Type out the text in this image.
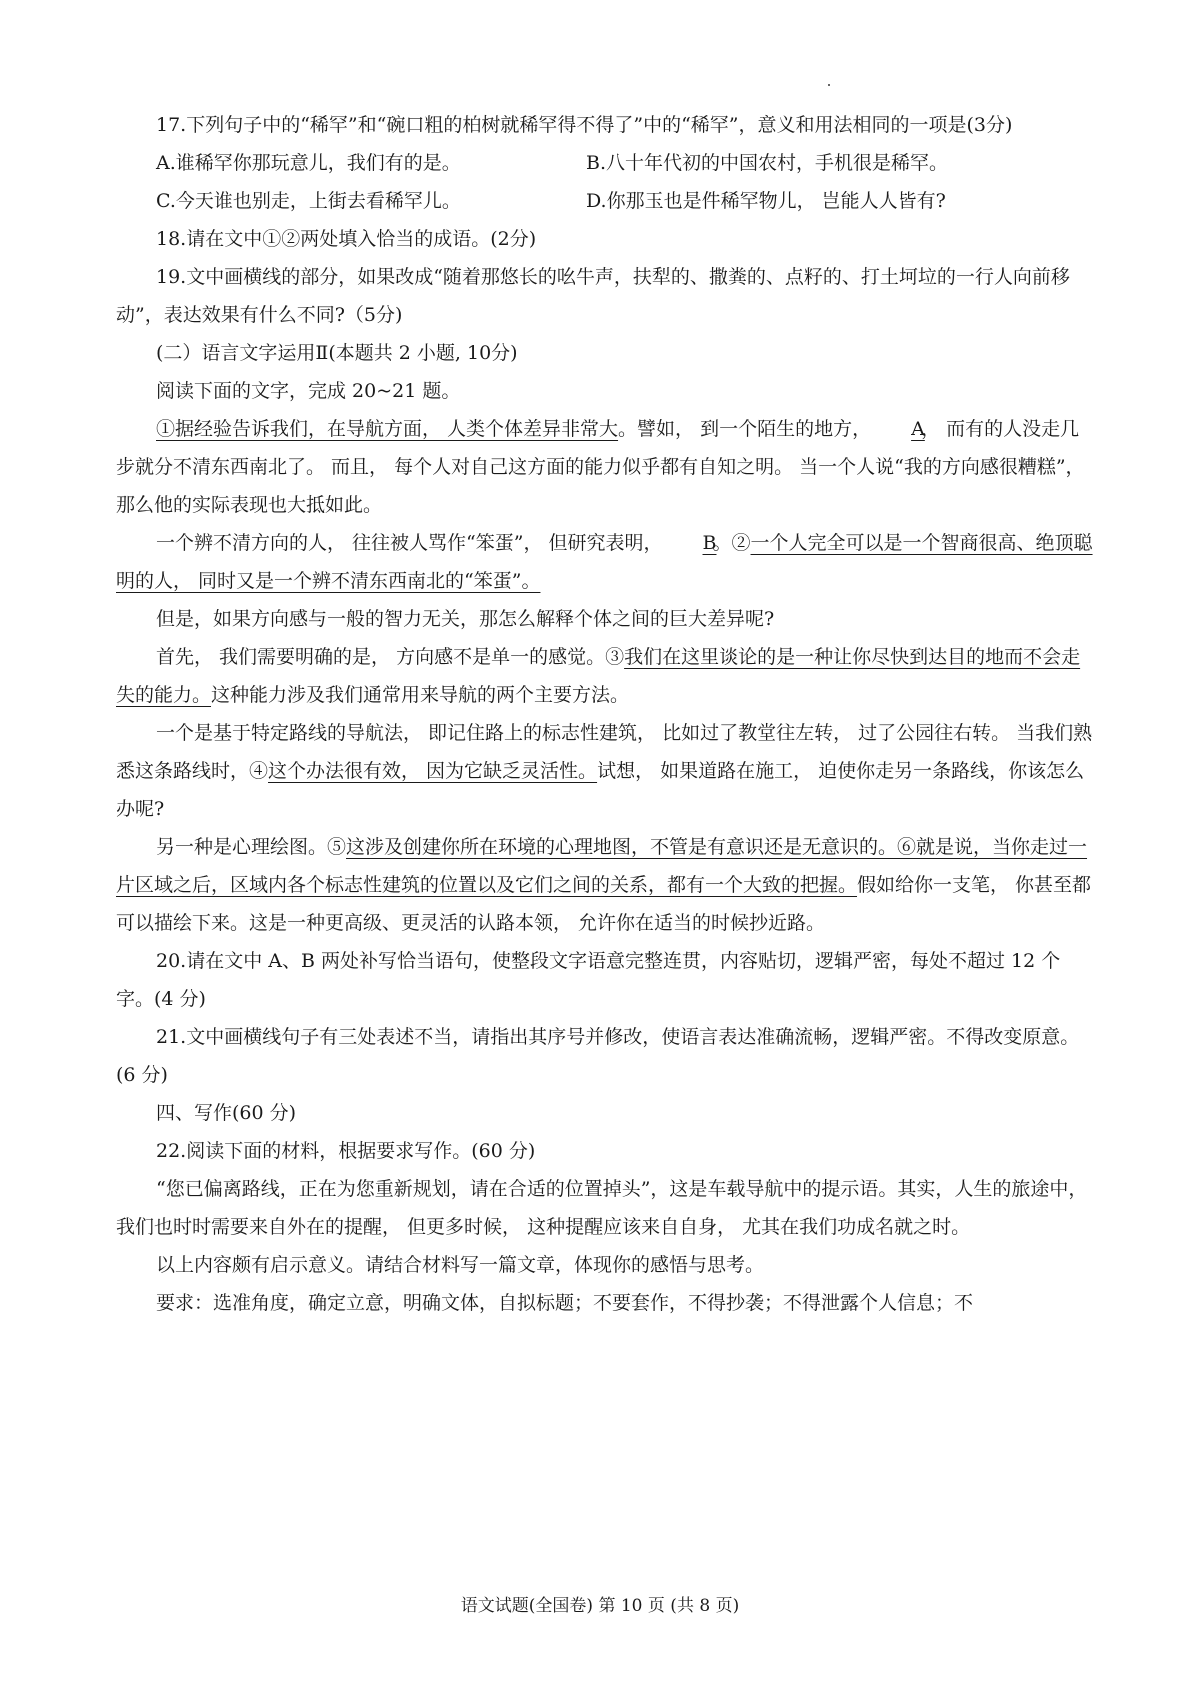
17.下列句子中的“稀罕”和“碗口粗的柏树就稀罕得不得了”中的“稀罕”，意义和用法相同的一项是(3分)

A.谁稀罕你那玩意儿，我们有的是。	B.八十年代初的中国农村，手机很是稀罕。
C.今天谁也别走，上街去看稀罕儿。	D.你那玉也是件稀罕物儿， 岂能人人皆有?

18.请在文中①②两处填入恰当的成语。(2分)

19.文中画横线的部分，如果改成“随着那悠长的吆牛声，扶犁的、撒粪的、点籽的、打土坷垃的一行人向前移动”，表达效果有什么不同?（5分)

(二）语言文字运用Ⅱ(本题共 2 小题, 10分)

阅读下面的文字，完成 20~21 题。

①据经验告诉我们，在导航方面， 人类个体差异非常大。譬如， 到一个陌生的地方， A， 而有的人没走几步就分不清东西南北了。 而且， 每个人对自己这方面的能力似乎都有自知之明。 当一个人说“我的方向感很糟糕”，那么他的实际表现也大抵如此。

一个辨不清方向的人， 往往被人骂作“笨蛋”， 但研究表明， B。②一个人完全可以是一个智商很高、绝顶聪明的人， 同时又是一个辨不清东西南北的“笨蛋”。

但是，如果方向感与一般的智力无关，那怎么解释个体之间的巨大差异呢?

首先， 我们需要明确的是， 方向感不是单一的感觉。③我们在这里谈论的是一种让你尽快到达目的地而不会走失的能力。这种能力涉及我们通常用来导航的两个主要方法。

一个是基于特定路线的导航法， 即记住路上的标志性建筑， 比如过了教堂往左转， 过了公园往右转。 当我们熟悉这条路线时，④这个办法很有效， 因为它缺乏灵活性。试想， 如果道路在施工， 迫使你走另一条路线，你该怎么办呢?

另一种是心理绘图。⑤这涉及创建你所在环境的心理地图，不管是有意识还是无意识的。⑥就是说，当你走过一片区域之后，区域内各个标志性建筑的位置以及它们之间的关系，都有一个大致的把握。假如给你一支笔， 你甚至都可以描绘下来。这是一种更高级、更灵活的认路本领， 允许你在适当的时候抄近路。

20.请在文中 A、B 两处补写恰当语句，使整段文字语意完整连贯，内容贴切，逻辑严密，每处不超过 12 个字。(4 分)

21.文中画横线句子有三处表述不当，请指出其序号并修改，使语言表达准确流畅，逻辑严密。不得改变原意。(6 分)

四、写作(60 分)

22.阅读下面的材料，根据要求写作。(60 分)

“您已偏离路线，正在为您重新规划，请在合适的位置掉头”，这是车载导航中的提示语。其实，人生的旅途中， 我们也时时需要来自外在的提醒， 但更多时候， 这种提醒应该来自自身， 尤其在我们功成名就之时。

以上内容颇有启示意义。请结合材料写一篇文章，体现你的感悟与思考。

要求：选准角度，确定立意，明确文体，自拟标题；不要套作，不得抄袭；不得泄露个人信息；不

语文试题(全国卷) 第 10 页 (共 8 页)
